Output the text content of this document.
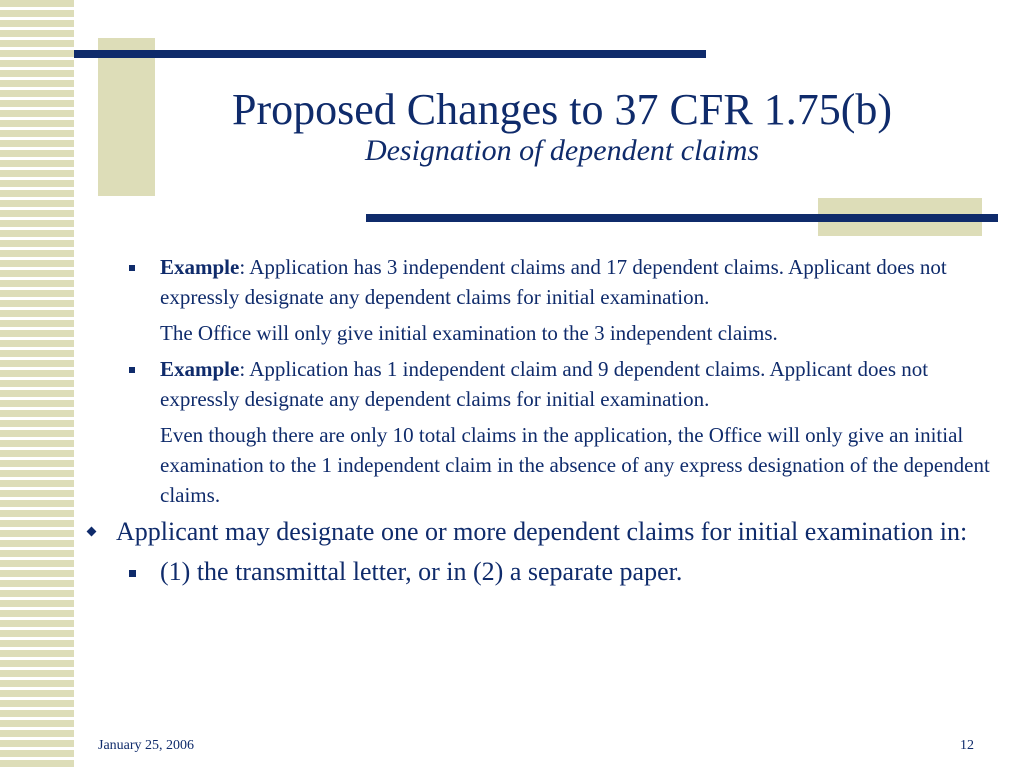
Proposed Changes to 37 CFR 1.75(b)
Designation of dependent claims
Example: Application has 3 independent claims and 17 dependent claims. Applicant does not expressly designate any dependent claims for initial examination.
The Office will only give initial examination to the 3 independent claims.
Example: Application has 1 independent claim and 9 dependent claims. Applicant does not expressly designate any dependent claims for initial examination.
Even though there are only 10 total claims in the application, the Office will only give an initial examination to the 1 independent claim in the absence of any express designation of the dependent claims.
Applicant may designate one or more dependent claims for initial examination in:
(1) the transmittal letter, or in (2) a separate paper.
January 25, 2006	12
